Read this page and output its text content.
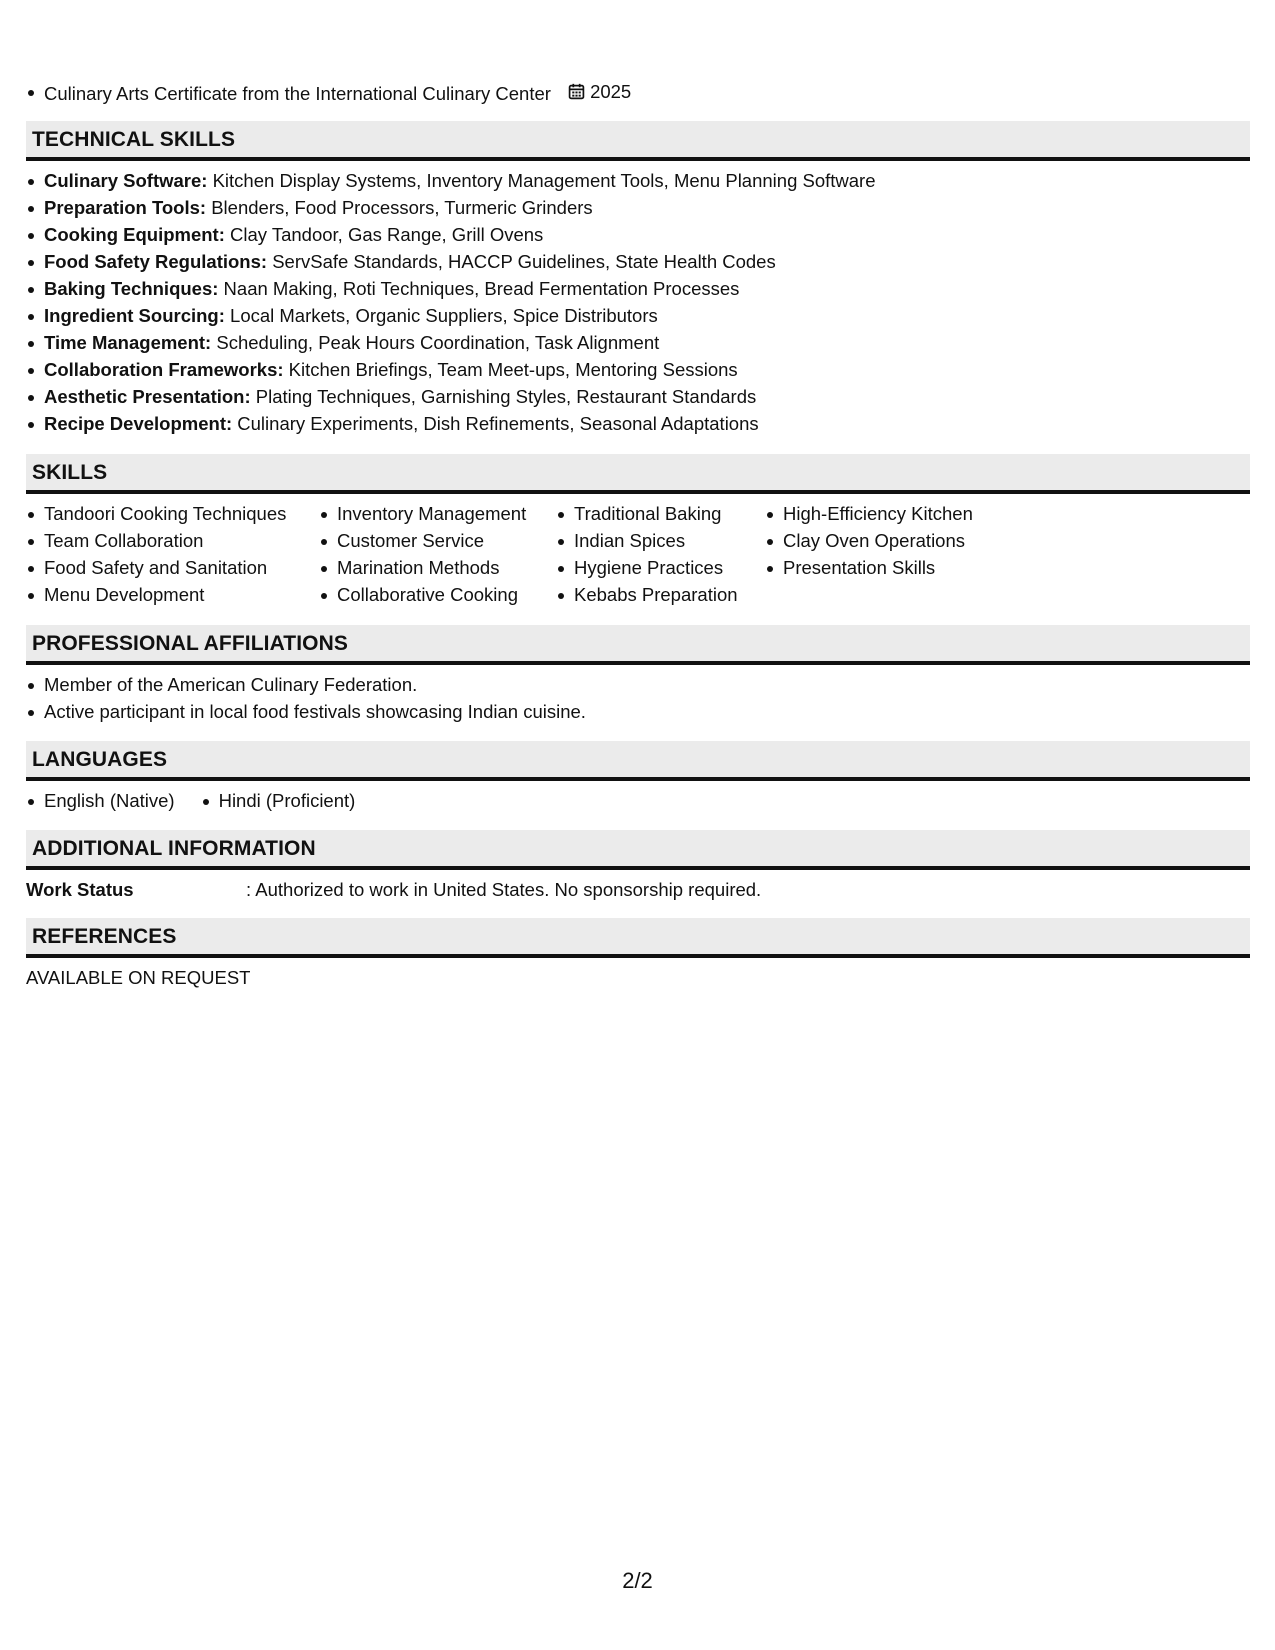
Culinary Arts Certificate from the International Culinary Center 2025
TECHNICAL SKILLS
Culinary Software: Kitchen Display Systems, Inventory Management Tools, Menu Planning Software
Preparation Tools: Blenders, Food Processors, Turmeric Grinders
Cooking Equipment: Clay Tandoor, Gas Range, Grill Ovens
Food Safety Regulations: ServSafe Standards, HACCP Guidelines, State Health Codes
Baking Techniques: Naan Making, Roti Techniques, Bread Fermentation Processes
Ingredient Sourcing: Local Markets, Organic Suppliers, Spice Distributors
Time Management: Scheduling, Peak Hours Coordination, Task Alignment
Collaboration Frameworks: Kitchen Briefings, Team Meet-ups, Mentoring Sessions
Aesthetic Presentation: Plating Techniques, Garnishing Styles, Restaurant Standards
Recipe Development: Culinary Experiments, Dish Refinements, Seasonal Adaptations
SKILLS
Tandoori Cooking Techniques
Team Collaboration
Food Safety and Sanitation
Menu Development
Inventory Management
Customer Service
Marination Methods
Collaborative Cooking
Traditional Baking
Indian Spices
Hygiene Practices
Kebabs Preparation
High-Efficiency Kitchen
Clay Oven Operations
Presentation Skills
PROFESSIONAL AFFILIATIONS
Member of the American Culinary Federation.
Active participant in local food festivals showcasing Indian cuisine.
LANGUAGES
English (Native)	Hindi (Proficient)
ADDITIONAL INFORMATION
Work Status	: Authorized to work in United States. No sponsorship required.
REFERENCES
AVAILABLE ON REQUEST
2/2
